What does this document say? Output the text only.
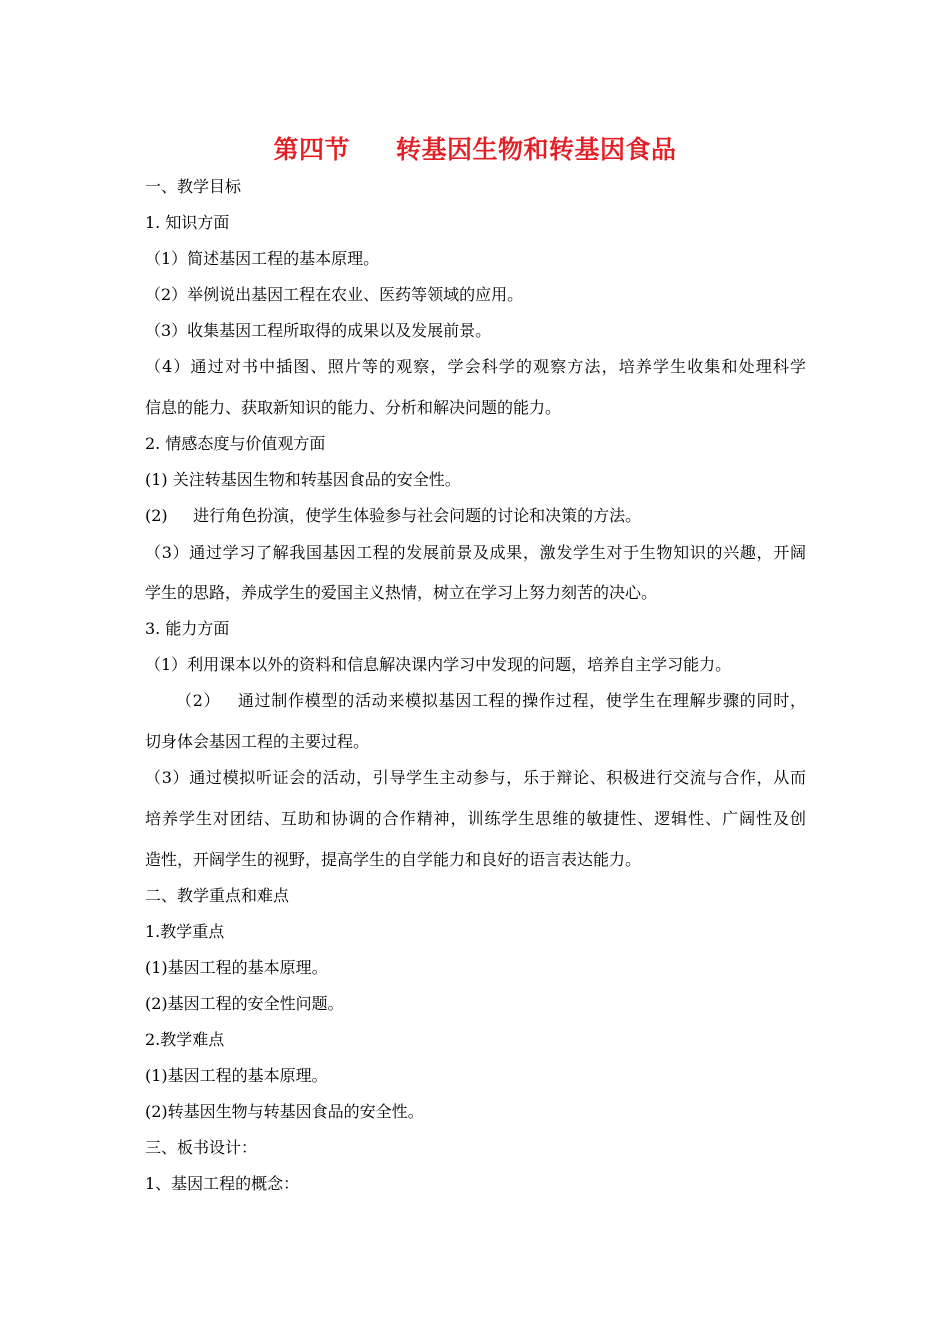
第四节     转基因生物和转基因食品
一、教学目标
1. 知识方面
（1）简述基因工程的基本原理。
（2）举例说出基因工程在农业、医药等领域的应用。
（3）收集基因工程所取得的成果以及发展前景。
（4）通过对书中插图、照片等的观察，学会科学的观察方法，培养学生收集和处理科学
信息的能力、获取新知识的能力、分析和解决问题的能力。
2. 情感态度与价值观方面
(1) 关注转基因生物和转基因食品的安全性。
(2)     进行角色扮演，使学生体验参与社会问题的讨论和决策的方法。
（3）通过学习了解我国基因工程的发展前景及成果，激发学生对于生物知识的兴趣，开阔
学生的思路，养成学生的爱国主义热情，树立在学习上努力刻苦的决心。
3. 能力方面
（1）利用课本以外的资料和信息解决课内学习中发现的问题，培养自主学习能力。
（2）   通过制作模型的活动来模拟基因工程的操作过程，使学生在理解步骤的同时，
切身体会基因工程的主要过程。
（3）通过模拟听证会的活动，引导学生主动参与，乐于辩论、积极进行交流与合作，从而
培养学生对团结、互助和协调的合作精神，训练学生思维的敏捷性、逻辑性、广阔性及创
造性，开阔学生的视野，提高学生的自学能力和良好的语言表达能力。
二、教学重点和难点
1.教学重点
(1)基因工程的基本原理。
(2)基因工程的安全性问题。
2.教学难点
(1)基因工程的基本原理。
(2)转基因生物与转基因食品的安全性。
三、板书设计：
1、基因工程的概念：
